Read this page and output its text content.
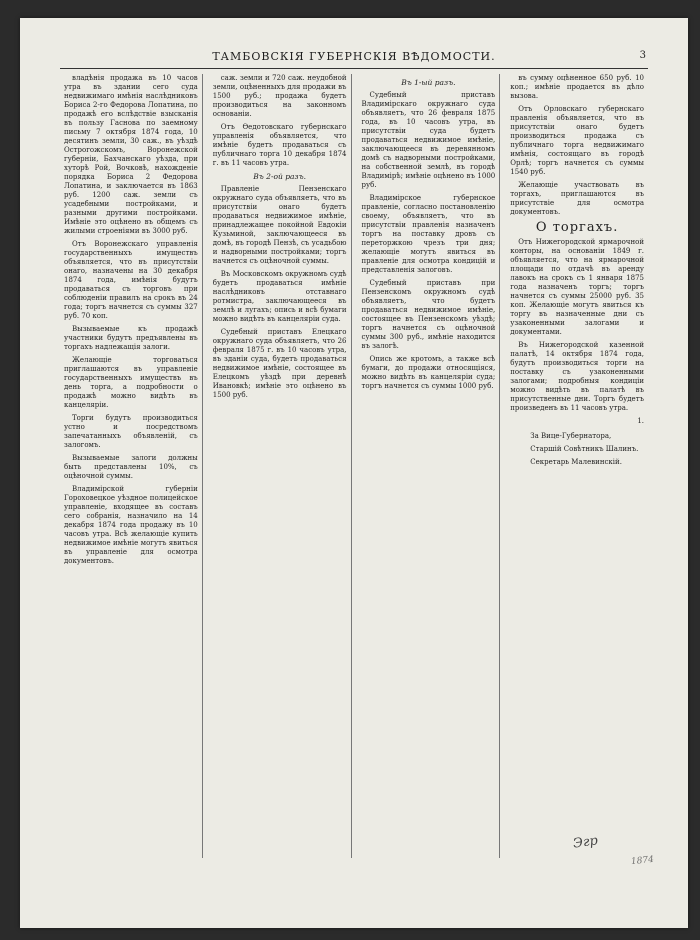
ТАМБОВСКІЯ ГУБЕРНСКІЯ ВѢДОМОСТИ.	3

владѣнія продажа въ 10 часов утра въ здании сего суда недвижимаго имѣнія наслѣдниковъ Бориса 2-го Федорова Лопатина, по продажѣ его вслѣдствіе взысканія въ пользу Гаснова по заемному письму 7 октября 1874 года, 10 десятинъ земли, 30 саж., въ уѣздѣ Острогожскомъ, Воронежской губерніи, Бахчанскаго уѣзда, при хуторѣ Рой, Вочковѣ, нахожденіе порядка Бориса 2 Федорова Лопатина, и заключается въ 1863 руб. 1200 саж. земли съ усадебными постройками, и разными другими постройками. Имѣніе это оцѣнено въ общемъ съ жилыми строеніями въ 3000 руб.

Отъ Воронежскаго управленія государственныхъ имуществъ объявляется, что въ присутствіи онаго, назначены на 30 декабря 1874 года, имѣнія будутъ продаваться съ торговъ при соблюденіи правилъ на срокъ въ 24 года; торгъ начнется съ суммы 327 руб. 70 коп.

Вызываемые къ продажѣ участники будутъ предъявлены въ торгахъ надлежащія залоги.

Желающіе торговаться приглашаются въ управленіе государственныхъ имуществъ въ день торга, а подробности о продажѣ можно видѣть въ канцеляріи.

Торги будутъ производиться устно и посредствомъ запечатанныхъ объявленій, съ залогомъ.

Вызываемые залоги должны быть представлены 10%, съ оцѣночной суммы.

Владимірской губерніи Гороховецкое уѣздное полицейское управленіе, входящее въ составъ сего собранія, назначило на 14 декабря 1874 года продажу въ 10 часовъ утра. Всѣ желающіе купить недвижимое имѣніе могутъ явиться въ управленіе для осмотра документовъ.

саж. земли и 720 саж. неудобной земли, оцѣненныхъ для продажи въ 1500 руб.; продажа будетъ производиться на законномъ основаніи.

Отъ Ѳедотовскаго губернскаго управленія объявляется, что имѣніе будетъ продаваться съ публичнаго торга 10 декабря 1874 г. въ 11 часовъ утра.

Въ 2-ой разъ.

Правленіе Пензенскаго окружнаго суда объявляетъ, что въ присутствіи онаго будетъ продаваться недвижимое имѣніе, принадлежащее покойной Евдокіи Кузьминой, заключающееся въ домѣ, въ городѣ Пензѣ, съ усадьбою и надворными постройками; торгъ начнется съ оцѣночной суммы.

Въ Московскомъ окружномъ судѣ будетъ продаваться имѣніе наслѣдниковъ отставнаго ротмистра, заключающееся въ землѣ и лугахъ; опись и всѣ бумаги можно видѣть въ канцеляріи суда.

Судебный приставъ Елецкаго окружнаго суда объявляетъ, что 26 февраля 1875 г. въ 10 часовъ утра, въ зданіи суда, будетъ продаваться недвижимое имѣніе, состоящее въ Елецкомъ уѣздѣ при деревнѣ Ивановкѣ; имѣніе это оцѣнено въ 1500 руб.

Въ 1-ый разъ.

Судебный приставъ Владимірскаго окружнаго суда объявляетъ, что 26 февраля 1875 года, въ 10 часовъ утра, въ присутствіи суда будетъ продаваться недвижимое имѣніе, заключающееся въ деревянномъ домѣ съ надворными постройками, на собственной землѣ, въ городѣ Владимірѣ; имѣніе оцѣнено въ 1000 руб.

Владимірское губернское правленіе, согласно постановленію своему, объявляетъ, что въ присутствіи правленія назначенъ торгъ на поставку дровъ съ переторжкою чрезъ три дня; желающіе могутъ явиться въ правленіе для осмотра кондицій и представленія залоговъ.

Судебный приставъ при Пензенскомъ окружномъ судѣ объявляетъ, что будетъ продаваться недвижимое имѣніе, состоящее въ Пензенскомъ уѣздѣ; торгъ начнется съ оцѣночной суммы 300 руб., имѣніе находится въ залогѣ.

Опись же кротомъ, а также всѣ бумаги, до продажи относящіяся, можно видѣть въ канцеляріи суда; торгъ начнется съ суммы 1000 руб.

въ сумму оцѣненное 650 руб. 10 коп.; имѣніе продается въ дѣло вызова.

Отъ Орловскаго губернскаго правленія объявляется, что въ присутствіи онаго будетъ производиться продажа съ публичнаго торга недвижимаго имѣнія, состоящаго въ городѣ Орлѣ; торгъ начнется съ суммы 1540 руб.

Желающіе участвовать въ торгахъ, приглашаются въ присутствіе для осмотра документовъ.

О торгахъ.

Отъ Нижегородской ярмарочной конторы, на основаніи 1849 г. объявляется, что на ярмарочной площади по отдачѣ въ аренду лавокъ на срокъ съ 1 января 1875 года назначенъ торгъ; торгъ начнется съ суммы 25000 руб. 35 коп. Желающіе могутъ явиться къ торгу въ назначенные дни съ узаконенными залогами и документами.

Въ Нижегородской казенной палатѣ, 14 октября 1874 года, будутъ производиться торги на поставку съ узаконенными залогами; подробныя кондиціи можно видѣть въ палатѣ въ присутственные дни. Торгъ будетъ произведенъ въ 11 часовъ утра.

1.

За Вице-Губернатора,

Старшій Совѣтникъ Шалинъ.

Секретарь Малевинскій.

Эгр
1874
